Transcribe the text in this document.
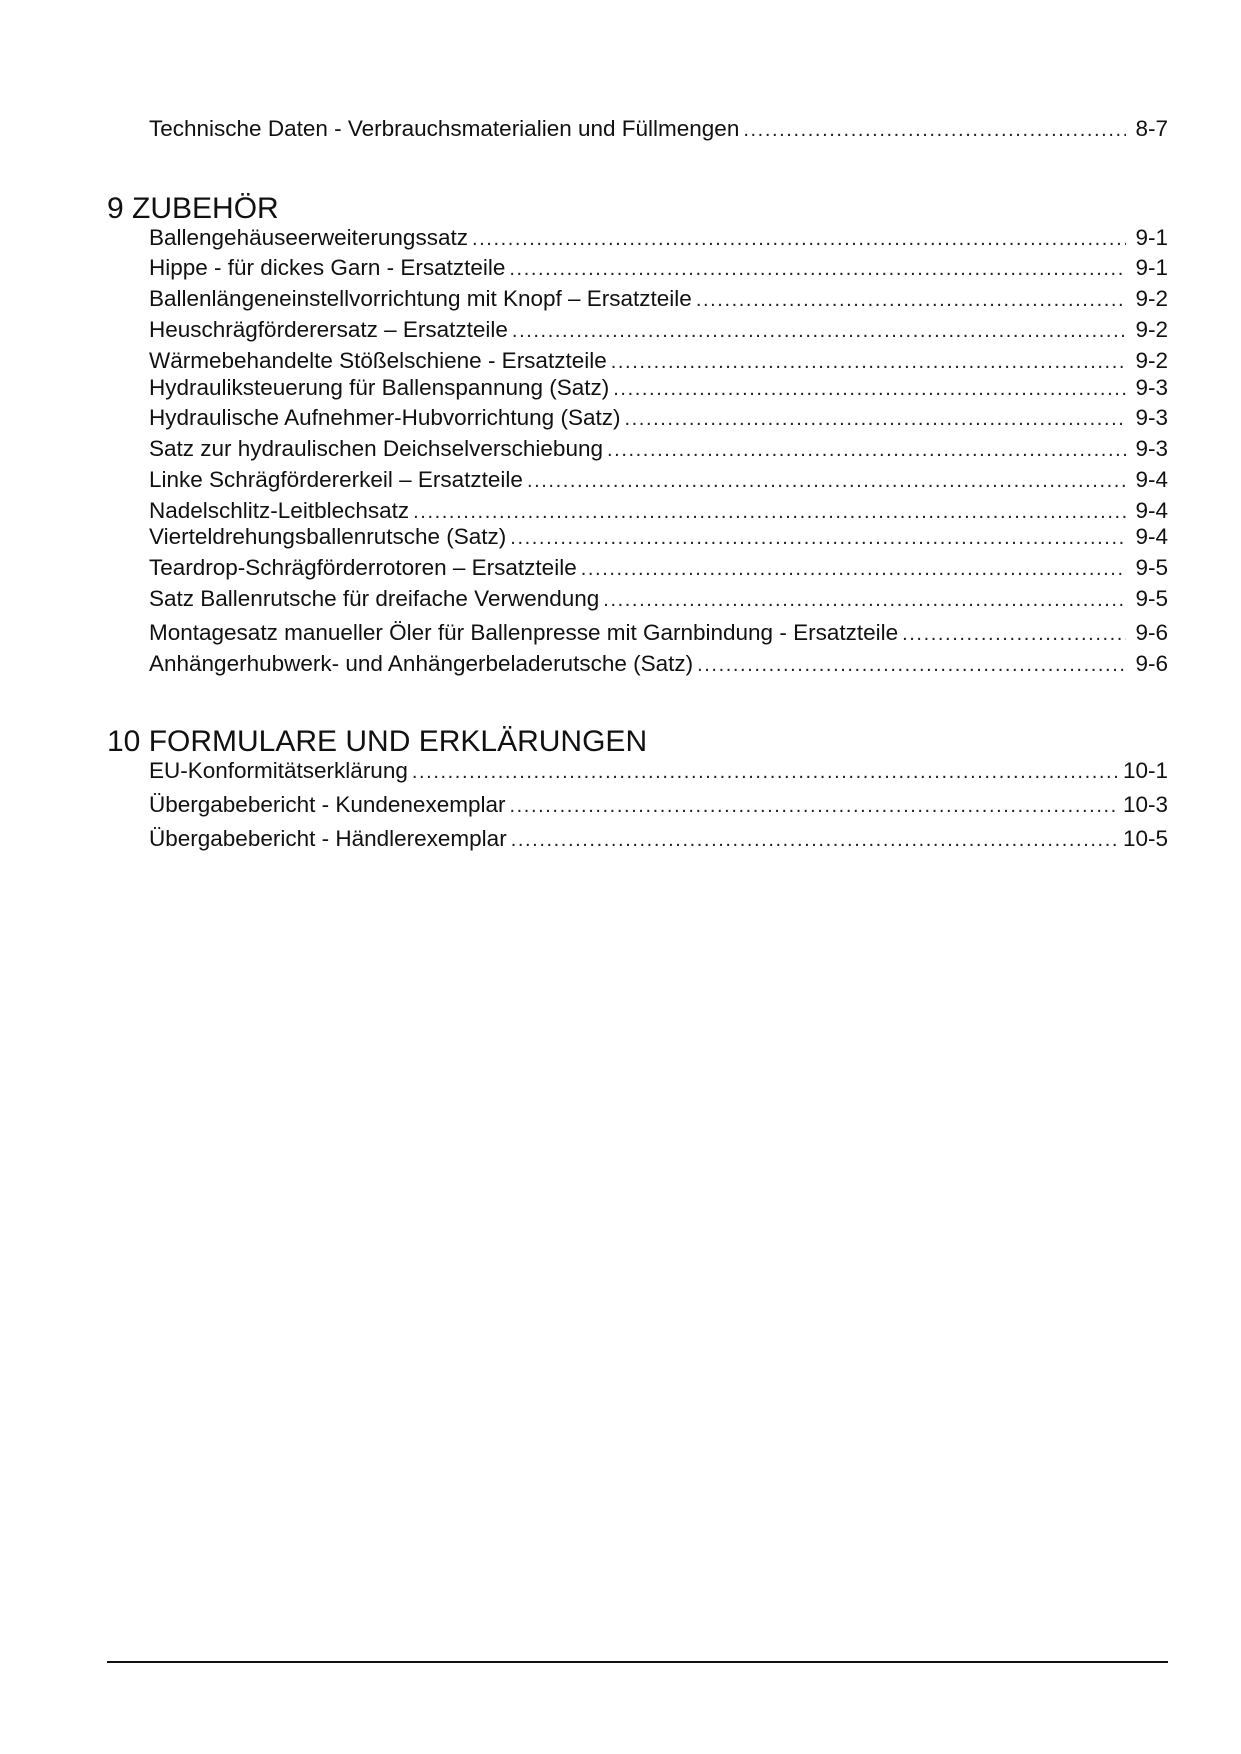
Technische Daten - Verbrauchsmaterialien und Füllmengen .....	8-7
9 ZUBEHÖR
Ballengehäuseerweiterungssatz .....	9-1
Hippe - für dickes Garn - Ersatzteile .....	9-1
Ballenlängeneinstellvorrichtung mit Knopf – Ersatzteile .....	9-2
Heuschrägförderersatz – Ersatzteile .....	9-2
Wärmebehandelte Stößelschiene - Ersatzteile .....	9-2
Hydrauliksteuerung für Ballenspannung (Satz) .....	9-3
Hydraulische Aufnehmer-Hubvorrichtung (Satz) .....	9-3
Satz zur hydraulischen Deichselverschiebung .....	9-3
Linke Schrägfördererkeil – Ersatzteile .....	9-4
Nadelschlitz-Leitblechsatz .....	9-4
Vierteldrehungsballenrutsche (Satz) .....	9-4
Teardrop-Schrägförderrotoren – Ersatzteile .....	9-5
Satz Ballenrutsche für dreifache Verwendung .....	9-5
Montagesatz manueller Öler für Ballenpresse mit Garnbindung - Ersatzteile .....	9-6
Anhängerhubwerk- und Anhängerbeladerutsche (Satz) .....	9-6
10 FORMULARE UND ERKLÄRUNGEN
EU-Konformitätserklärung .....	10-1
Übergabebericht - Kundenexemplar .....	10-3
Übergabebericht - Händlerexemplar .....	10-5
